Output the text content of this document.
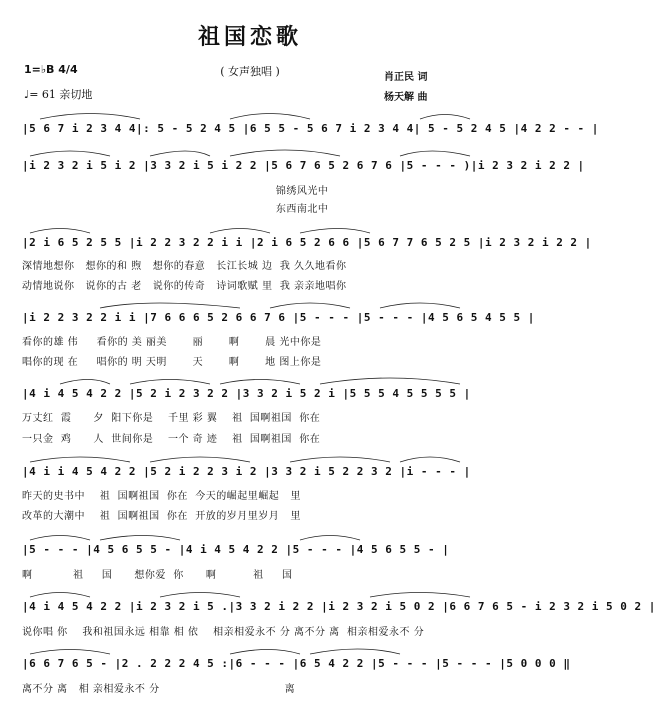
祖国恋歌
( 女声独唱 )
1=♭B 4/4
♩= 61 亲切地
肖正民 词
杨天解 曲
|5 6 7 i 2 3 4 4|: 5 - 5 2 4 5 |6 5 5 - 5 6 7 i 2 3 4 4| 5 - 5 2 4 5 |4 2 2 - - |
|i 2 3 2 i 5 i 2 |3 3 2 i 5 i 2 2 |5 6 7 6 5 2 6 7 6 |5 - - - )|i 2 3 2 i 2 2 |
锦绣风光中
东西南北中
|2 i 6 5 2 5 5 |i 2 2 3 2 2 i i |2 i 6 5 2 6 6 |5 6 7 7 6 5 2 5 |i 2 3 2 i 2 2 |
深情地想你   想你的和 煦   想你的春意   长江长城 边  我 久久地看你
动情地说你   说你的古 老   说你的传奇   诗词歌赋 里  我 亲亲地唱你
|i 2 2 3 2 2 i i |7 6 6 6 5 2 6 6 7 6 |5 - - - |5 - - - |4 5 6 5 4 5 5 |
看你的雄 伟     看你的 美 丽美       丽       啊       晨 光中你是
唱你的现 在     唱你的 明 天明       天       啊       地 图上你是
|4 i 4 5 4 2 2 |5 2 i 2 3 2 2 |3 3 2 i 5 2 i |5 5 5 4 5 5 5 5 |
万丈红  霞      夕  阳下你是    千里 彩 翼    祖  国啊祖国  你在
一只金  鸡      人  世间你是    一个 奇 迹    祖  国啊祖国  你在
|4 i i 4 5 4 2 2 |5 2 i 2 2 3 i 2 |3 3 2 i 5 2 2 3 2 |i - - - |
昨天的史书中    祖  国啊祖国  你在  今天的崛起里崛起   里
改革的大潮中    祖  国啊祖国  你在  开放的岁月里岁月   里
|5 - - - |4 5 6 5 5 - |4 i 4 5 4 2 2 |5 - - - |4 5 6 5 5 - |
啊           祖     国      想你爱  你      啊          祖     国
|4 i 4 5 4 2 2 |i 2 3 2 i 5 .|3 3 2 i 2 2 |i 2 3 2 i 5 0 2 |6 6 7 6 5 - i 2 3 2 i 5 0 2 |
说你唱 你    我和祖国永远 相靠 相 依    相亲相爱永不 分 离不分 离  相亲相爱永不 分
|6 6 7 6 5 - |2 . 2 2 2 4 5 :|6 - - - |6 5 4 2 2 |5 - - - |5 - - - |5 0 0 0 ‖
离不分 离   相 亲相爱永不 分                                  离
